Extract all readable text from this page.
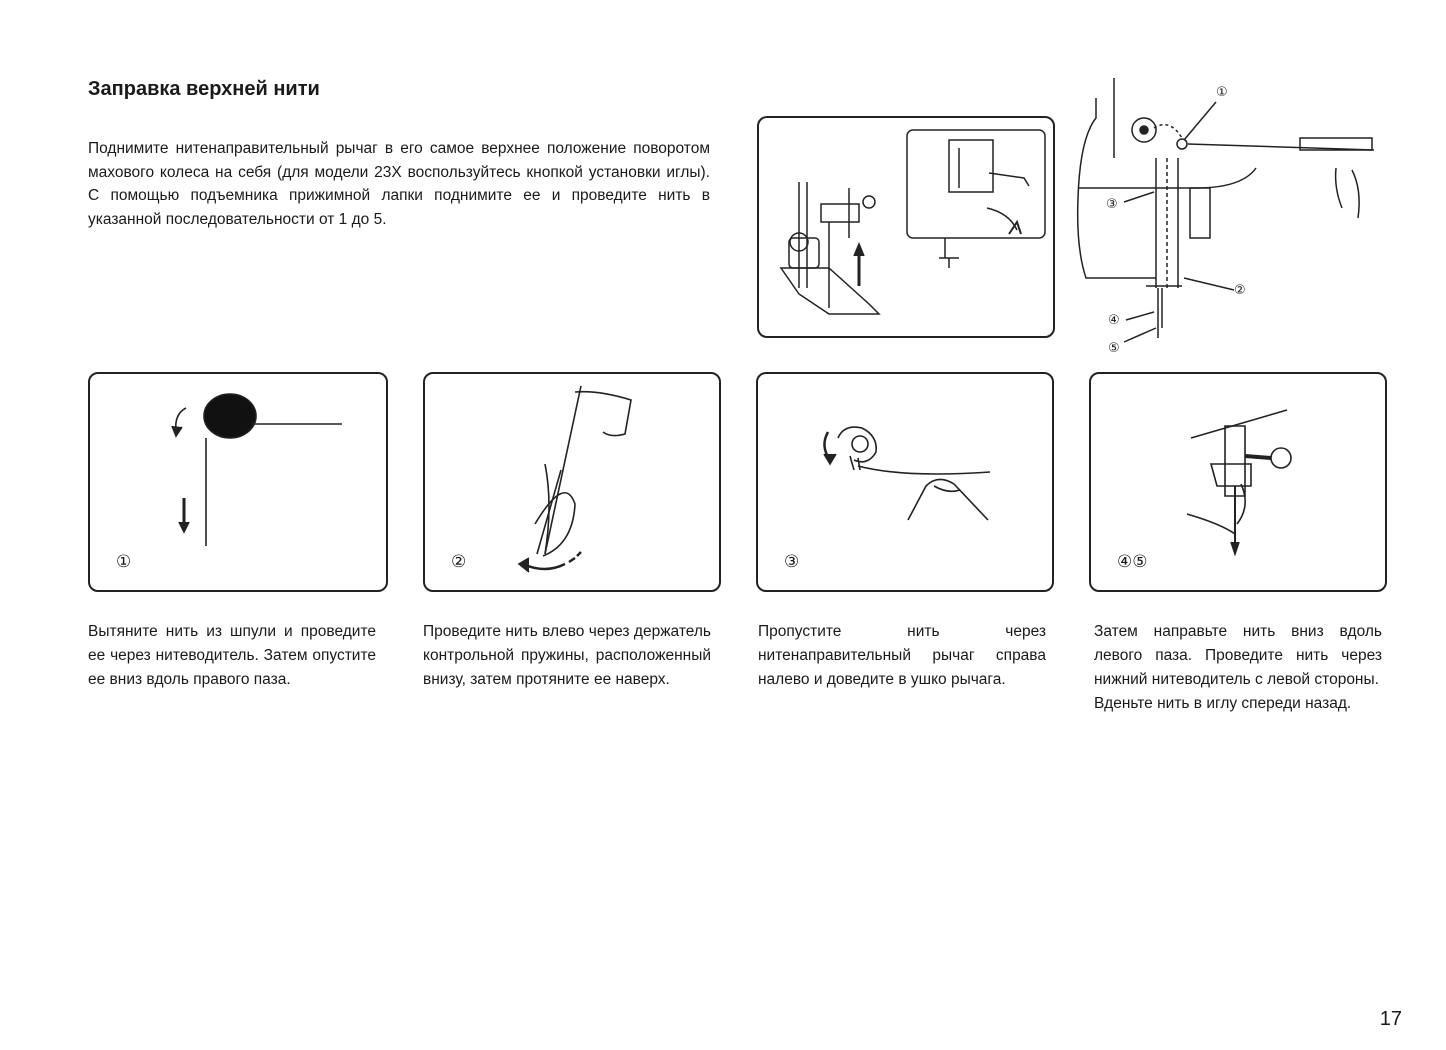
Заправка верхней нити

Поднимите нитенаправительный рычаг в его самое верхнее положение поворотом махового колеса на себя (для модели 23Х воспользуйтесь кнопкой установки иглы). С помощью подъемника прижимной лапки поднимите ее и проведите нить в указанной последовательности от 1 до 5.

①
②
③
④
⑤
①	②	③	④⑤

Вытяните нить из шпули и проведите ее через нитеводитель. Затем опустите ее вниз вдоль правого паза.

Проведите нить влево через держатель контрольной пружины, расположенный внизу, затем протяните ее наверх.

Пропустите нить через нитенаправительный рычаг справа налево и доведите в ушко рычага.

Затем направьте нить вниз вдоль левого паза. Проведите нить через нижний нитеводитель с левой стороны.

Вденьте нить в иглу спереди назад.

17
